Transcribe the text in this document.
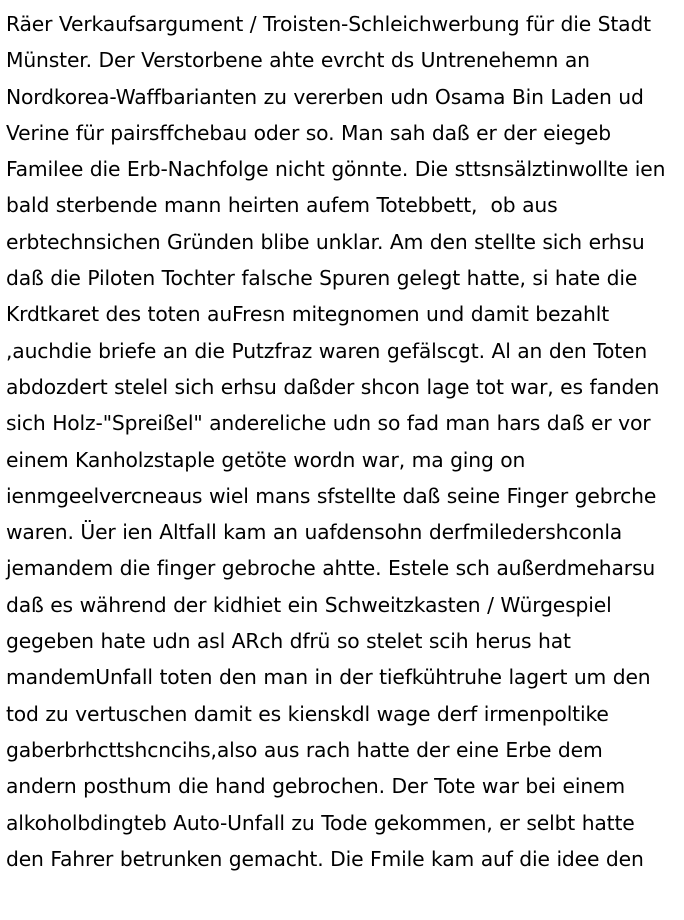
Räer Verkaufsargument / Troisten-Schleichwerbung für die Stadt Münster. Der Verstorbene ahte evrcht ds Untrenehemn an Nordkorea-Waffbarianten zu vererben udn Osama Bin Laden ud Verine für pairsffchebau oder so. Man sah daß er der eiegeb Familee die Erb-Nachfolge nicht gönnte. Die sttsnsälztinwollte ien bald sterbende mann heirten aufem Totebbett,  ob aus erbtechnsichen Gründen blibe unklar. Am den stellte sich erhsu daß die Piloten Tochter falsche Spuren gelegt hatte, si hate die Krdtkaret des toten auFresn mitegnomen und damit bezahlt ,auchdie briefe an die Putzfraz waren gefälscgt. Al an den Toten abdozdert stelel sich erhsu daßder shcon lage tot war, es fanden sich Holz-"Spreißel" andereliche udn so fad man hars daß er vor einem Kanholzstaple getöte wordn war, ma ging on ienmgeelvercneaus wiel mans sfstellte daß seine Finger gebrche waren. Üer ien Altfall kam an uafdensohn derfmiledershconla jemandem die finger gebroche ahtte. Estele sch außerdmeharsu daß es während der kidhiet ein Schweitzkasten / Würgespiel gegeben hate udn asl ARch dfrü so stelet scih herus hat mandemUnfall toten den man in der tiefkühtruhe lagert um den tod zu vertuschen damit es kienskdl wage derf irmenpoltike gaberbrhcttshcncihs,also aus rach hatte der eine Erbe dem andern posthum die hand gebrochen. Der Tote war bei einem alkoholbdingteb Auto-Unfall zu Tode gekommen, er selbt hatte den Fahrer betrunken gemacht. Die Fmile kam auf die idee den
